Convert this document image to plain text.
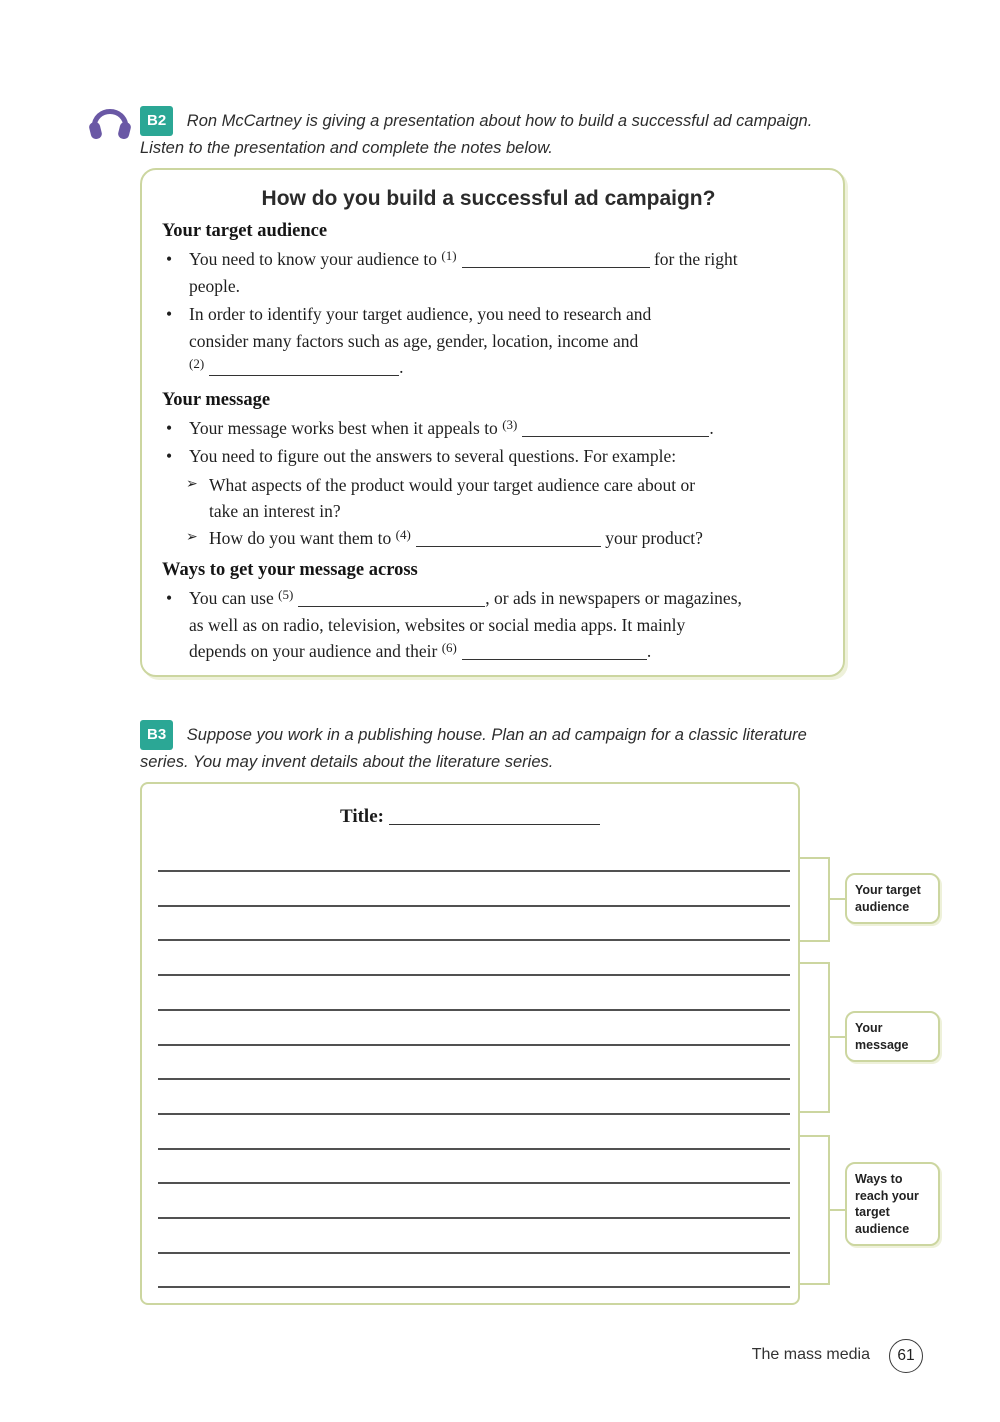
B2 Ron McCartney is giving a presentation about how to build a successful ad campaign.
Listen to the presentation and complete the notes below.

How do you build a successful ad campaign?
Your target audience
• You need to know your audience to $^{(1)}$	for the right
people.
• In order to identify your target audience, you need to research and
consider many factors such as age, gender, location, income and
$^{(2)}$	.
Your message
• Your message works best when it appeals to $^{(3)}$	.
• You need to figure out the answers to several questions. For example:
➢ What aspects of the product would your target audience care about or
take an interest in?
➢ How do you want them to $^{(4)}$	your product?
Ways to get your message across
• You can use $^{(5)}$	, or ads in newspapers or magazines,
as well as on radio, television, websites or social media apps. It mainly
depends on your audience and their $^{(6)}$	.

B3 Suppose you work in a publishing house. Plan an ad campaign for a classic literature
series. You may invent details about the literature series.

Title:
Your target audience
Your message
Ways to reach your target audience
The mass media 61
